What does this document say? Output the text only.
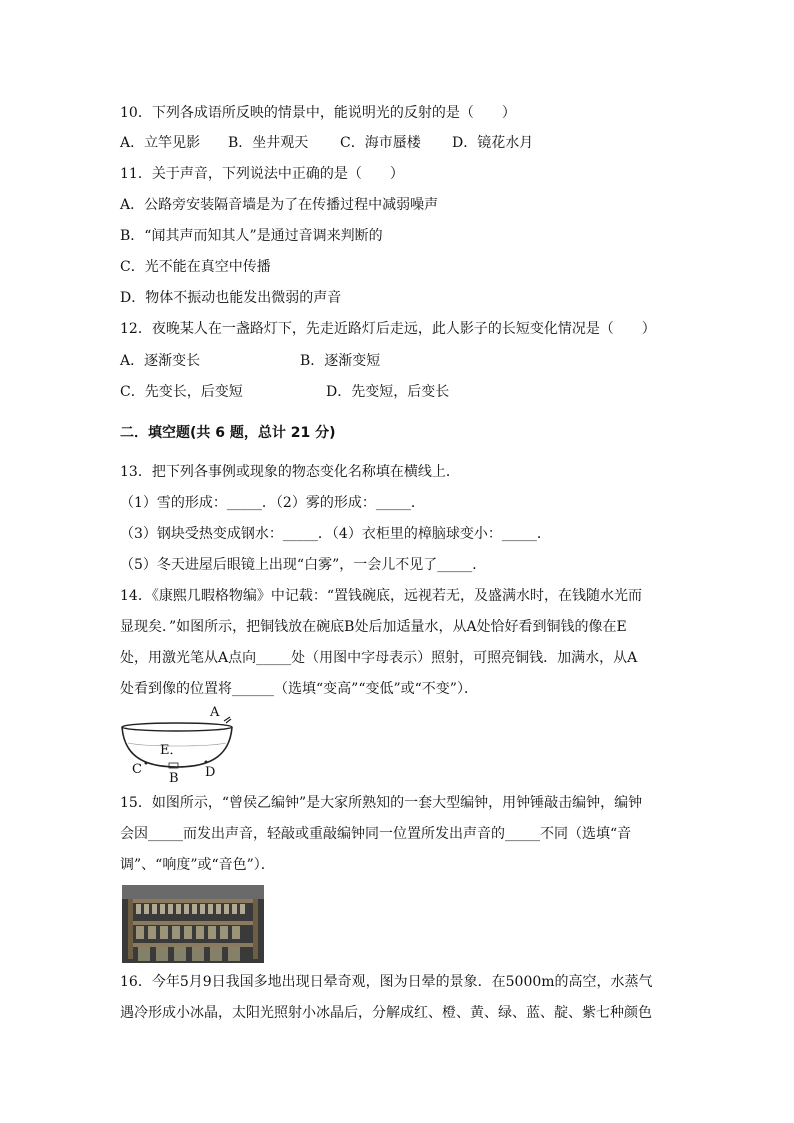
10．下列各成语所反映的情景中，能说明光的反射的是（　　）
A．立竿见影 B．坐井观天 C．海市蜃楼 D．镜花水月
11．关于声音，下列说法中正确的是（　　）
A．公路旁安装隔音墙是为了在传播过程中减弱噪声
B．“闻其声而知其人”是通过音调来判断的
C．光不能在真空中传播
D．物体不振动也能发出微弱的声音
12．夜晚某人在一盏路灯下，先走近路灯后走远，此人影子的长短变化情况是（　　）
A．逐渐变长	B．逐渐变短
C．先变长，后变短	D．先变短，后变长
二．填空题(共 6 题，总计 21 分)
13．把下列各事例或现象的物态变化名称填在横线上．
（1）雪的形成：_____．（2）雾的形成：_____．
（3）钢块受热变成钢水：_____．（4）衣柜里的樟脑球变小：_____．
（5）冬天进屋后眼镜上出现“白雾”，一会儿不见了_____．
14．《康熙几暇格物编》中记载：“置钱碗底，远视若无，及盛满水时，在钱随水光而
显现矣．”如图所示，把铜钱放在碗底B处后加适量水，从A处恰好看到铜钱的像在E
处，用激光笔从A点向_____处（用图中字母表示）照射，可照亮铜钱．加满水，从A
处看到像的位置将______（选填“变高”“变低”或“不变”）．
A
E．
C
B D
15．如图所示，“曾侯乙编钟”是大家所熟知的一套大型编钟，用钟锤敲击编钟，编钟
会因_____而发出声音，轻敲或重敲编钟同一位置所发出声音的_____不同（选填“音
调”、“响度”或“音色”）．
16．今年5月9日我国多地出现日晕奇观，图为日晕的景象．在5000m的高空，水蒸气
遇冷形成小冰晶，太阳光照射小冰晶后，分解成红、橙、黄、绿、蓝、靛、紫七种颜色
